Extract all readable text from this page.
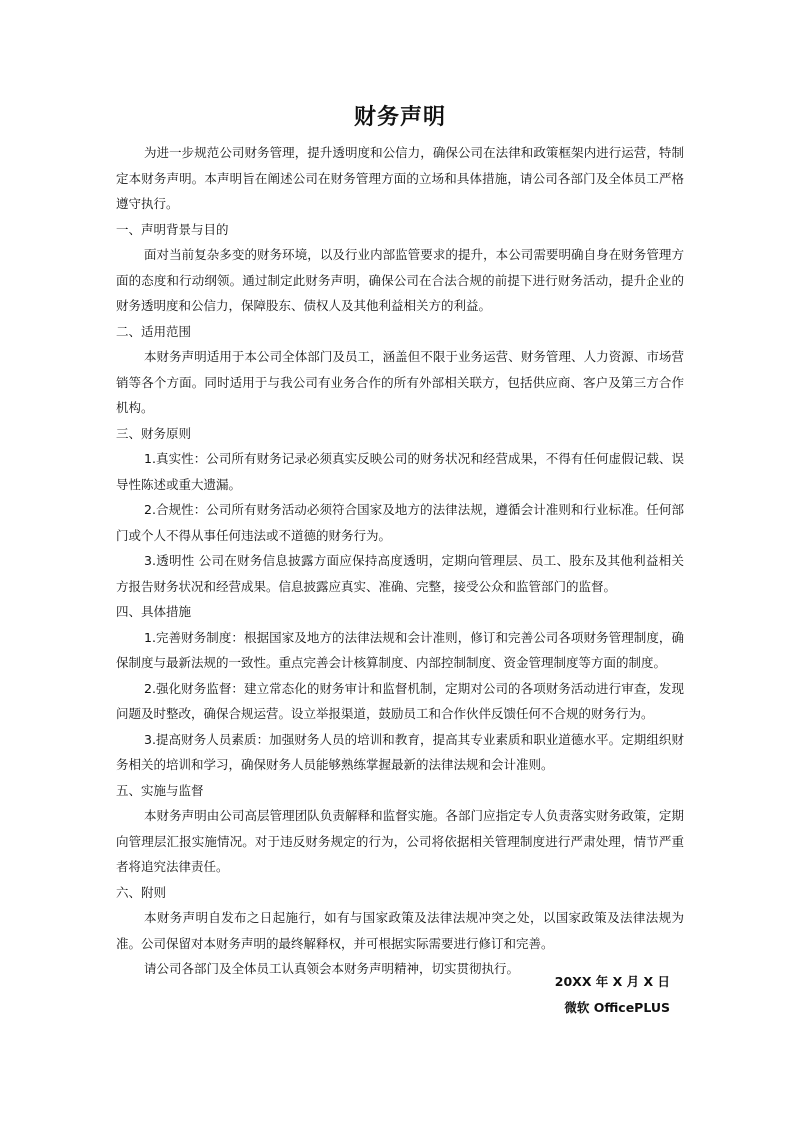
财务声明

为进一步规范公司财务管理，提升透明度和公信力，确保公司在法律和政策框架内进行运营，特制定本财务声明。本声明旨在阐述公司在财务管理方面的立场和具体措施，请公司各部门及全体员工严格遵守执行。

一、声明背景与目的

面对当前复杂多变的财务环境，以及行业内部监管要求的提升，本公司需要明确自身在财务管理方面的态度和行动纲领。通过制定此财务声明，确保公司在合法合规的前提下进行财务活动，提升企业的财务透明度和公信力，保障股东、债权人及其他利益相关方的利益。

二、适用范围

本财务声明适用于本公司全体部门及员工，涵盖但不限于业务运营、财务管理、人力资源、市场营销等各个方面。同时适用于与我公司有业务合作的所有外部相关联方，包括供应商、客户及第三方合作机构。

三、财务原则

1.真实性：公司所有财务记录必须真实反映公司的财务状况和经营成果，不得有任何虚假记载、误导性陈述或重大遗漏。

2.合规性：公司所有财务活动必须符合国家及地方的法律法规，遵循会计准则和行业标准。任何部门或个人不得从事任何违法或不道德的财务行为。

3.透明性 公司在财务信息披露方面应保持高度透明，定期向管理层、员工、股东及其他利益相关方报告财务状况和经营成果。信息披露应真实、准确、完整，接受公众和监管部门的监督。

四、具体措施

1.完善财务制度：根据国家及地方的法律法规和会计准则，修订和完善公司各项财务管理制度，确保制度与最新法规的一致性。重点完善会计核算制度、内部控制制度、资金管理制度等方面的制度。

2.强化财务监督：建立常态化的财务审计和监督机制，定期对公司的各项财务活动进行审查，发现问题及时整改，确保合规运营。设立举报渠道，鼓励员工和合作伙伴反馈任何不合规的财务行为。

3.提高财务人员素质：加强财务人员的培训和教育，提高其专业素质和职业道德水平。定期组织财务相关的培训和学习，确保财务人员能够熟练掌握最新的法律法规和会计准则。

五、实施与监督

本财务声明由公司高层管理团队负责解释和监督实施。各部门应指定专人负责落实财务政策，定期向管理层汇报实施情况。对于违反财务规定的行为，公司将依据相关管理制度进行严肃处理，情节严重者将追究法律责任。

六、附则

本财务声明自发布之日起施行，如有与国家政策及法律法规冲突之处，以国家政策及法律法规为准。公司保留对本财务声明的最终解释权，并可根据实际需要进行修订和完善。

请公司各部门及全体员工认真领会本财务声明精神，切实贯彻执行。

20XX 年 X 月 X 日
微软 OfficePLUS
